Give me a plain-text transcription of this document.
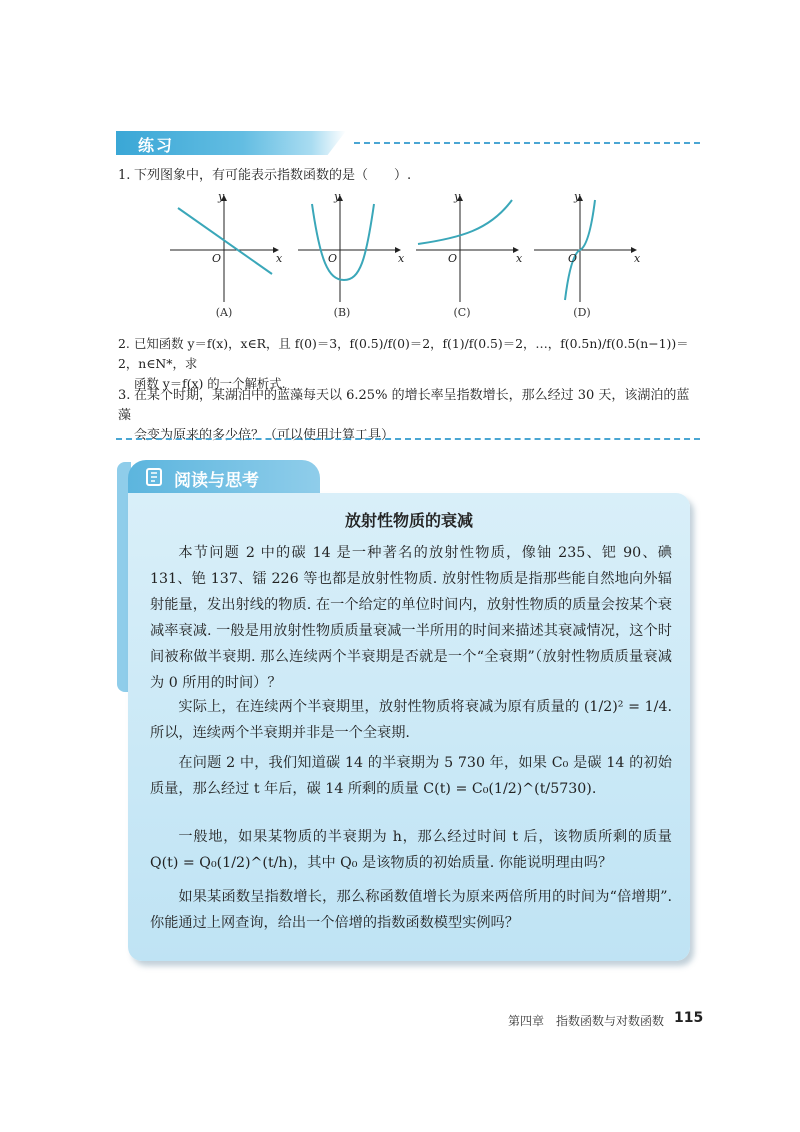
练习
1. 下列图象中，有可能表示指数函数的是（　　）.
y
x
O
y
x
O
y
x
O
y
x
O
(A)	(B)	(C)	(D)
2. 已知函数 y＝f(x)，x∈R，且 f(0)＝3，f(0.5)/f(0)＝2，f(1)/f(0.5)＝2，…，f(0.5n)/f(0.5(n−1))＝2，n∈N*，求
函数 y＝f(x) 的一个解析式.
3. 在某个时期，某湖泊中的蓝藻每天以 6.25% 的增长率呈指数增长，那么经过 30 天，该湖泊的蓝藻
会变为原来的多少倍？（可以使用计算工具）
阅读与思考
放射性物质的衰减
本节问题 2 中的碳 14 是一种著名的放射性物质，像铀 235、钯 90、碘 131、铯 137、镭 226 等也都是放射性物质. 放射性物质是指那些能自然地向外辐射能量，发出射线的物质. 在一个给定的单位时间内，放射性物质的质量会按某个衰减率衰减. 一般是用放射性物质质量衰减一半所用的时间来描述其衰减情况，这个时间被称做半衰期. 那么连续两个半衰期是否就是一个“全衰期”（放射性物质质量衰减为 0 所用的时间）？
实际上，在连续两个半衰期里，放射性物质将衰减为原有质量的 (1/2)² = 1/4. 所以，连续两个半衰期并非是一个全衰期.
在问题 2 中，我们知道碳 14 的半衰期为 5 730 年，如果 C₀ 是碳 14 的初始质量，那么经过 t 年后，碳 14 所剩的质量 C(t) = C₀(1/2)^(t/5730).
一般地，如果某物质的半衰期为 h，那么经过时间 t 后，该物质所剩的质量 Q(t) = Q₀(1/2)^(t/h)，其中 Q₀ 是该物质的初始质量. 你能说明理由吗？
如果某函数呈指数增长，那么称函数值增长为原来两倍所用的时间为“倍增期”. 你能通过上网查询，给出一个倍增的指数函数模型实例吗？
第四章　指数函数与对数函数 115
